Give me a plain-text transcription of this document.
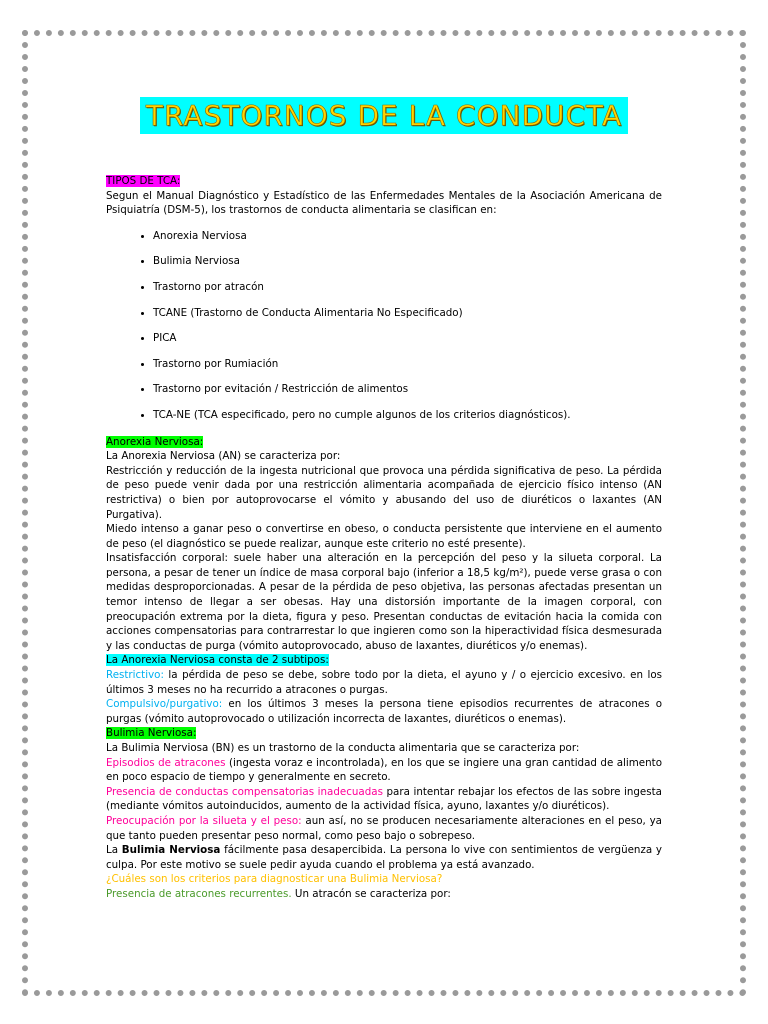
TRASTORNOS DE LA CONDUCTA

TIPOS DE TCA:

Segun el Manual Diagnóstico y Estadístico de las Enfermedades Mentales de la Asociación Americana de Psiquiatría (DSM-5), los trastornos de conducta alimentaria se clasifican en:

• Anorexia Nerviosa
• Bulimia Nerviosa
• Trastorno por atracón
• TCANE (Trastorno de Conducta Alimentaria No Especificado)
• PICA
• Trastorno por Rumiación
• Trastorno por evitación / Restricción de alimentos
• TCA-NE (TCA especificado, pero no cumple algunos de los criterios diagnósticos).

Anorexia Nerviosa:

La Anorexia Nerviosa (AN) se caracteriza por:

Restricción y reducción de la ingesta nutricional que provoca una pérdida significativa de peso. La pérdida de peso puede venir dada por una restricción alimentaria acompañada de ejercicio físico intenso (AN restrictiva) o bien por autoprovocarse el vómito y abusando del uso de diuréticos o laxantes (AN Purgativa).

Miedo intenso a ganar peso o convertirse en obeso, o conducta persistente que interviene en el aumento de peso (el diagnóstico se puede realizar, aunque este criterio no esté presente).

Insatisfacción corporal: suele haber una alteración en la percepción del peso y la silueta corporal. La persona, a pesar de tener un índice de masa corporal bajo (inferior a 18,5 kg/m²), puede verse grasa o con medidas desproporcionadas. A pesar de la pérdida de peso objetiva, las personas afectadas presentan un temor intenso de llegar a ser obesas. Hay una distorsión importante de la imagen corporal, con preocupación extrema por la dieta, figura y peso. Presentan conductas de evitación hacia la comida con acciones compensatorias para contrarrestar lo que ingieren como son la hiperactividad física desmesurada y las conductas de purga (vómito autoprovocado, abuso de laxantes, diuréticos y/o enemas).

La Anorexia Nerviosa consta de 2 subtipos:

Restrictivo: la pérdida de peso se debe, sobre todo por la dieta, el ayuno y / o ejercicio excesivo. en los últimos 3 meses no ha recurrido a atracones o purgas.

Compulsivo/purgativo: en los últimos 3 meses la persona tiene episodios recurrentes de atracones o purgas (vómito autoprovocado o utilización incorrecta de laxantes, diuréticos o enemas).

Bulimia Nerviosa:

La Bulimia Nerviosa (BN) es un trastorno de la conducta alimentaria que se caracteriza por:

Episodios de atracones (ingesta voraz e incontrolada), en los que se ingiere una gran cantidad de alimento en poco espacio de tiempo y generalmente en secreto.

Presencia de conductas compensatorias inadecuadas para intentar rebajar los efectos de las sobre ingesta (mediante vómitos autoinducidos, aumento de la actividad física, ayuno, laxantes y/o diuréticos).

Preocupación por la silueta y el peso: aun así, no se producen necesariamente alteraciones en el peso, ya que tanto pueden presentar peso normal, como peso bajo o sobrepeso.

La Bulimia Nerviosa fácilmente pasa desapercibida. La persona lo vive con sentimientos de vergüenza y culpa. Por este motivo se suele pedir ayuda cuando el problema ya está avanzado.

¿Cuáles son los criterios para diagnosticar una Bulimia Nerviosa?

Presencia de atracones recurrentes. Un atracón se caracteriza por:
